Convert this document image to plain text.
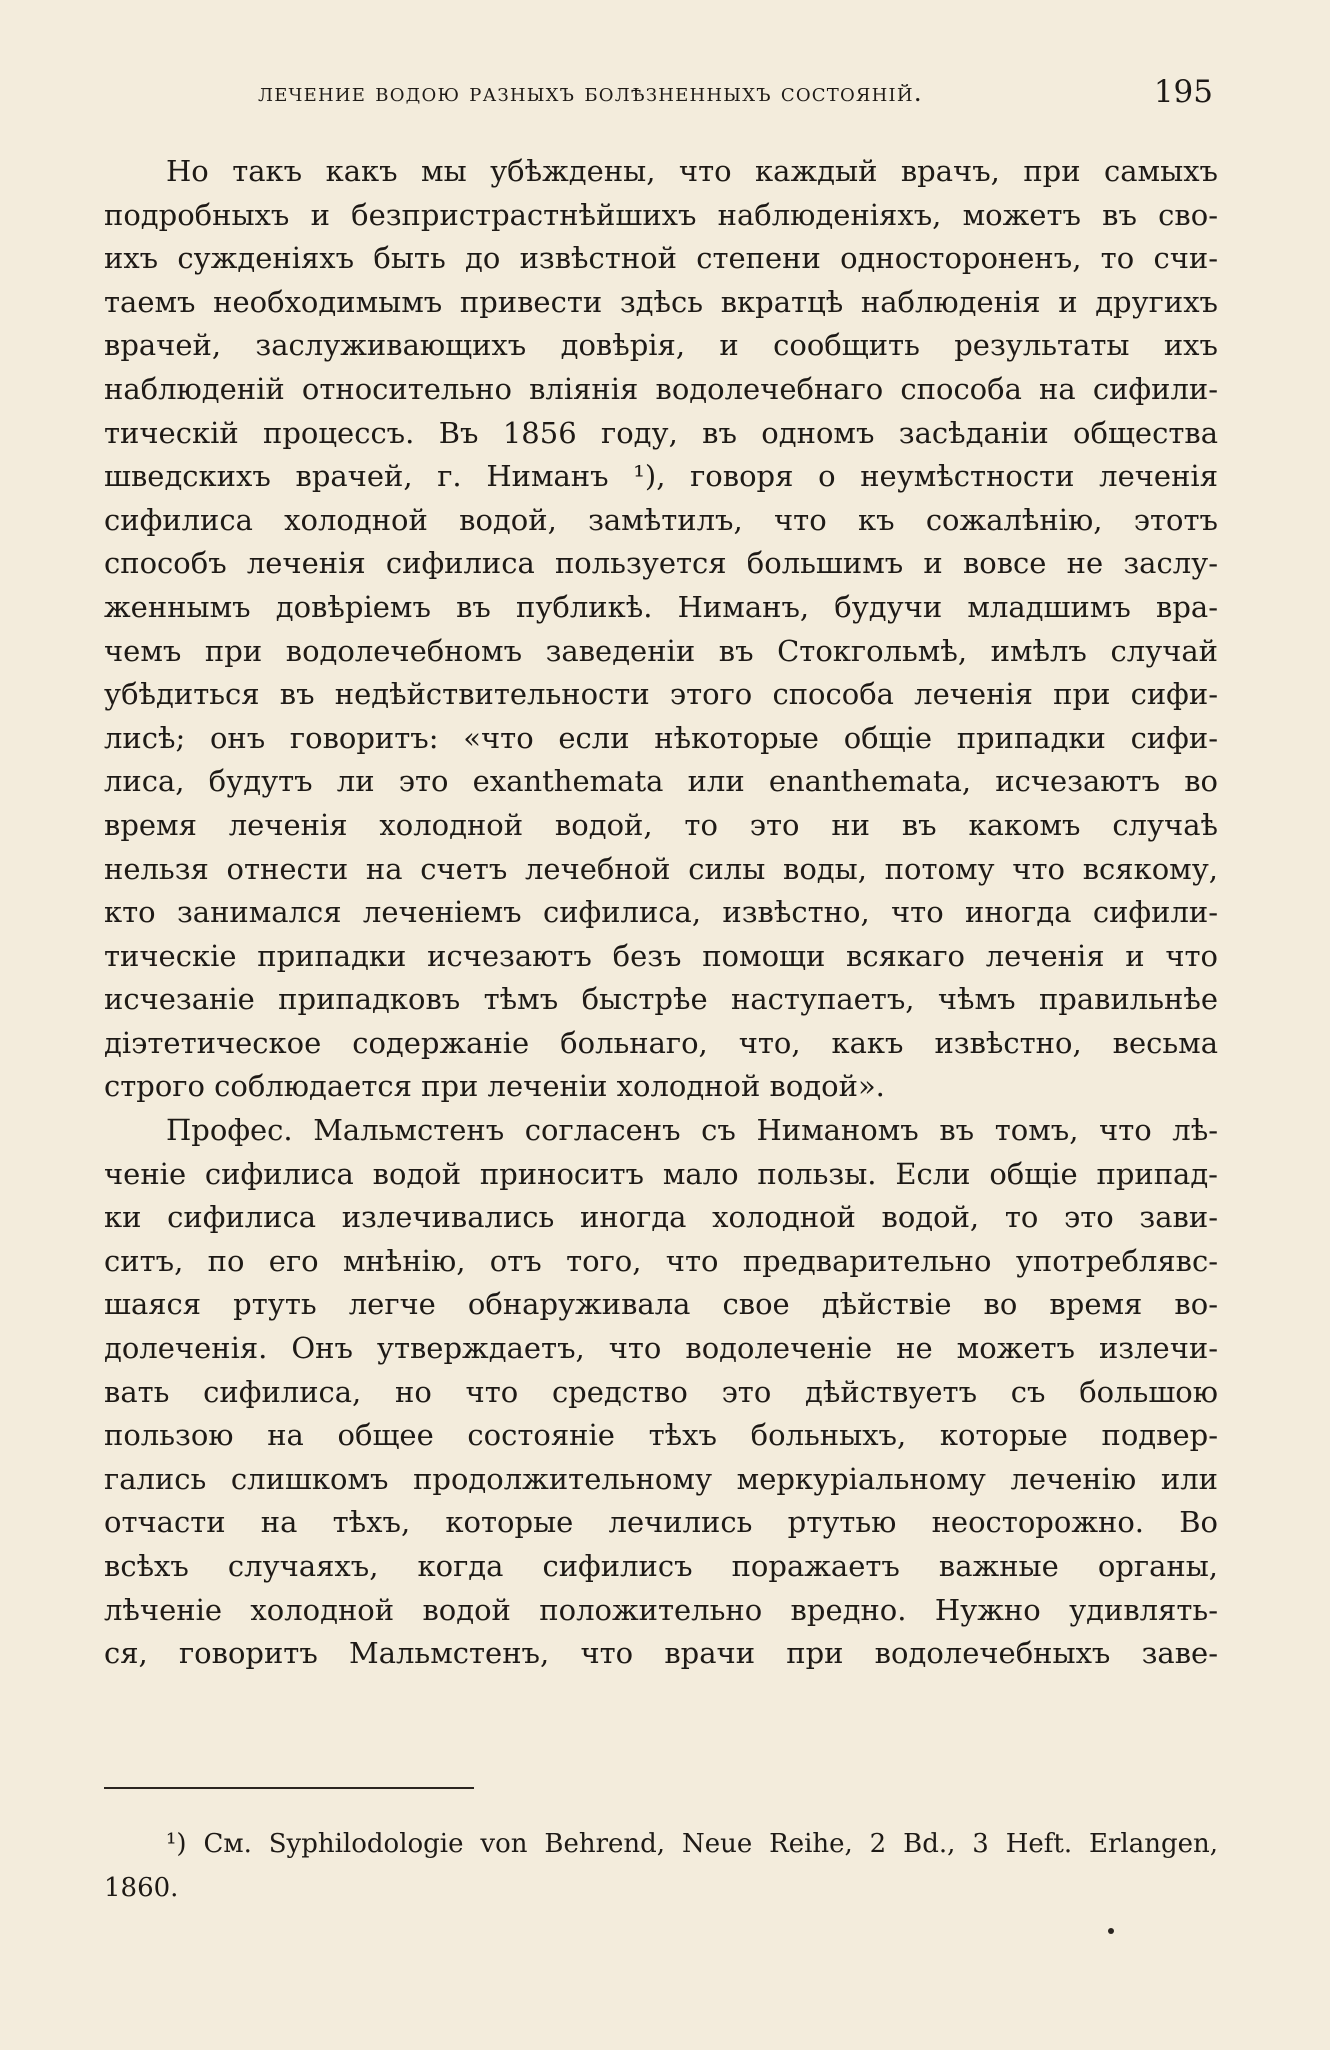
лечение водою разныхъ болѣзненныхъ состояній.	195
Но такъ какъ мы убѣждены, что каждый врачъ, при самыхъ
подробныхъ и безпристрастнѣйшихъ наблюденіяхъ, можетъ въ сво-
ихъ сужденіяхъ быть до извѣстной степени одностороненъ, то счи-
таемъ необходимымъ привести здѣсь вкратцѣ наблюденія и другихъ
врачей, заслуживающихъ довѣрія, и сообщить результаты ихъ
наблюденій относительно вліянія водолечебнаго способа на сифили-
тическій процессъ. Въ 1856 году, въ одномъ засѣданіи общества
шведскихъ врачей, г. Ниманъ ¹), говоря о неумѣстности леченія
сифилиса холодной водой, замѣтилъ, что къ сожалѣнію, этотъ
способъ леченія сифилиса пользуется большимъ и вовсе не заслу-
женнымъ довѣріемъ въ публикѣ. Ниманъ, будучи младшимъ вра-
чемъ при водолечебномъ заведеніи въ Стокгольмѣ, имѣлъ случай
убѣдиться въ недѣйствительности этого способа леченія при сифи-
лисѣ; онъ говоритъ: «что если нѣкоторые общіе припадки сифи-
лиса, будутъ ли это exanthemata или enanthemata, исчезаютъ во
время леченія холодной водой, то это ни въ какомъ случаѣ
нельзя отнести на счетъ лечебной силы воды, потому что всякому,
кто занимался леченіемъ сифилиса, извѣстно, что иногда сифили-
тическіе припадки исчезаютъ безъ помощи всякаго леченія и что
исчезаніе припадковъ тѣмъ быстрѣе наступаетъ, чѣмъ правильнѣе
діэтетическое содержаніе больнаго, что, какъ извѣстно, весьма
строго соблюдается при леченіи холодной водой».
Профес. Мальмстенъ согласенъ съ Ниманомъ въ томъ, что лѣ-
ченіе сифилиса водой приноситъ мало пользы. Если общіе припад-
ки сифилиса излечивались иногда холодной водой, то это зави-
ситъ, по его мнѣнію, отъ того, что предварительно употреблявс-
шаяся ртуть легче обнаруживала свое дѣйствіе во время во-
долеченія. Онъ утверждаетъ, что водолеченіе не можетъ излечи-
вать сифилиса, но что средство это дѣйствуетъ съ большою
пользою на общее состояніе тѣхъ больныхъ, которые подвер-
гались слишкомъ продолжительному меркуріальному леченію или
отчасти на тѣхъ, которые лечились ртутью неосторожно. Во
всѣхъ случаяхъ, когда сифилисъ поражаетъ важные органы,
лѣченіе холодной водой положительно вредно. Нужно удивлять-
ся, говоритъ Мальмстенъ, что врачи при водолечебныхъ заве-
¹) См. Syphilodologie von Behrend, Neue Reihe, 2 Bd., 3 Heft. Erlangen,
1860.
